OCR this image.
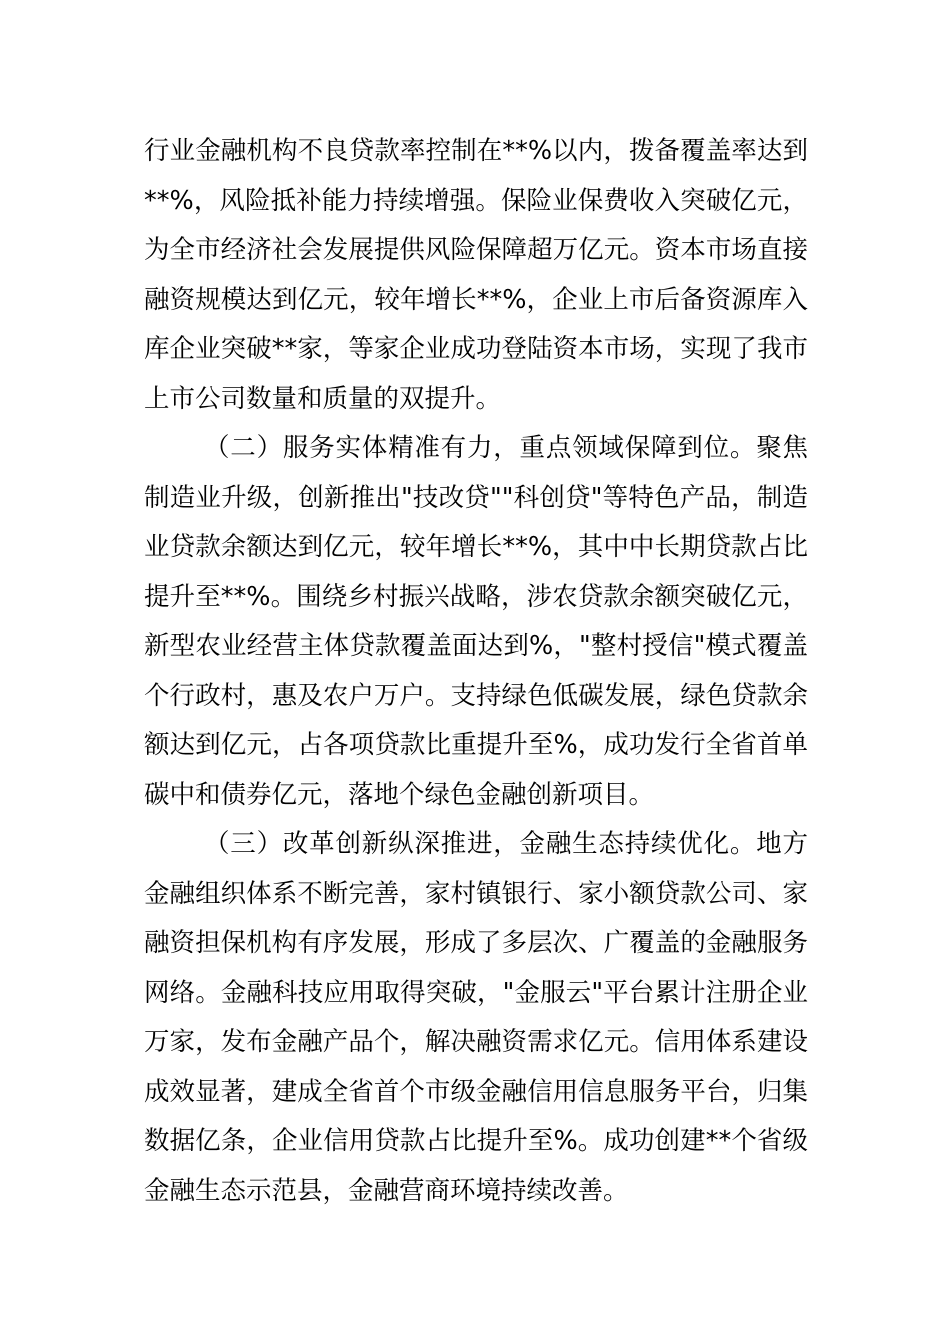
行业金融机构不良贷款率控制在**%以内，拨备覆盖率达到**%，风险抵补能力持续增强。保险业保费收入突破亿元，为全市经济社会发展提供风险保障超万亿元。资本市场直接融资规模达到亿元，较年增长**%，企业上市后备资源库入库企业突破**家，等家企业成功登陆资本市场，实现了我市上市公司数量和质量的双提升。

（二）服务实体精准有力，重点领域保障到位。聚焦制造业升级，创新推出"技改贷""科创贷"等特色产品，制造业贷款余额达到亿元，较年增长**%，其中中长期贷款占比提升至**%。围绕乡村振兴战略，涉农贷款余额突破亿元，新型农业经营主体贷款覆盖面达到%，"整村授信"模式覆盖个行政村，惠及农户万户。支持绿色低碳发展，绿色贷款余额达到亿元，占各项贷款比重提升至%，成功发行全省首单碳中和债券亿元，落地个绿色金融创新项目。

（三）改革创新纵深推进，金融生态持续优化。地方金融组织体系不断完善，家村镇银行、家小额贷款公司、家融资担保机构有序发展，形成了多层次、广覆盖的金融服务网络。金融科技应用取得突破，"金服云"平台累计注册企业万家，发布金融产品个，解决融资需求亿元。信用体系建设成效显著，建成全省首个市级金融信用信息服务平台，归集数据亿条，企业信用贷款占比提升至%。成功创建**个省级金融生态示范县，金融营商环境持续改善。
